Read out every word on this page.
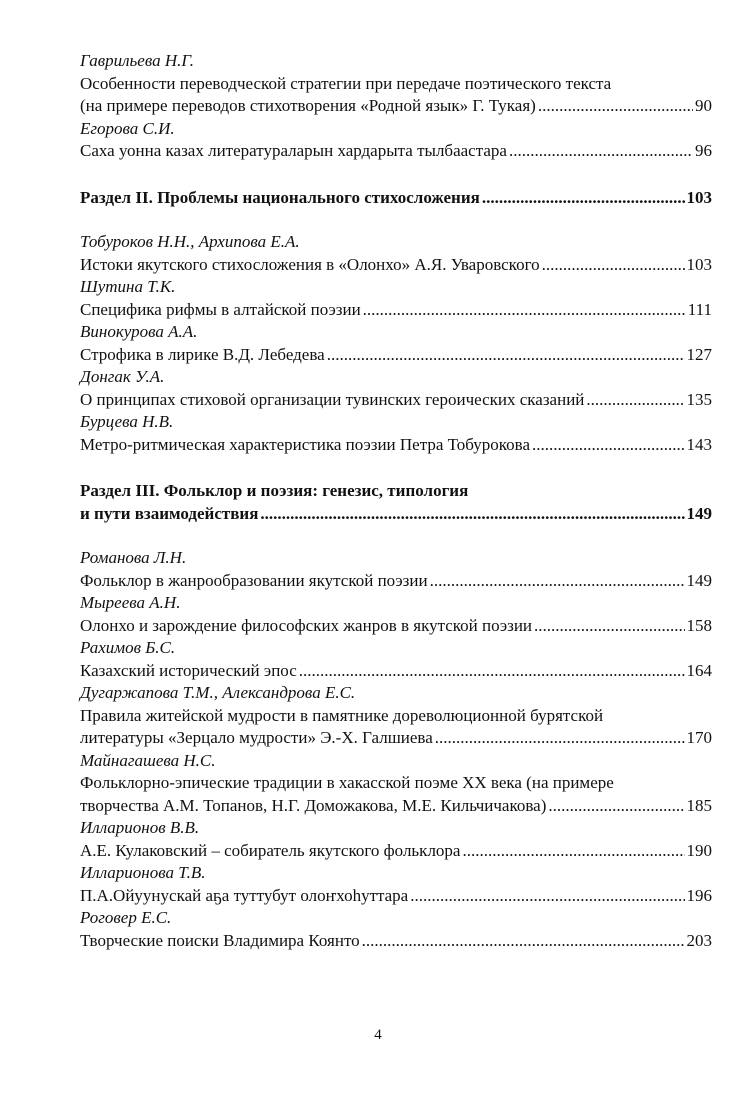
Гаврильева Н.Г.

Особенности переводческой стратегии при передаче поэтического текста

(на примере переводов стихотворения «Родной язык» Г. Тукая) .....	90

Егорова С.И.

Саха уонна казах литератураларын хардарыта тылбаастара .....	96
Раздел II. Проблемы национального стихосложения .....	103

Тобуроков Н.Н., Архипова Е.А.

Истоки якутского стихосложения в «Олонхо» А.Я. Уваровского .....	103

Шутина Т.К.

Специфика рифмы в алтайской поэзии .....	111

Винокурова А.А.

Строфика в лирике В.Д. Лебедева .....	127

Донгак У.А.

О принципах стиховой организации тувинских героических сказаний .....	135

Бурцева Н.В.

Метро-ритмическая характеристика поэзии Петра Тобурокова .....	143

Раздел III. Фольклор и поэзия: генезис, типология

и пути взаимодействия .....	149

Романова Л.Н.

Фольклор в жанрообразовании якутской поэзии .....	149

Мыреева А.Н.

Олонхо и зарождение философских жанров в якутской поэзии .....	158

Рахимов Б.С.

Казахский исторический эпос .....	164

Дугаржапова Т.М., Александрова Е.С.

Правила житейской мудрости в памятнике дореволюционной бурятской

литературы «Зерцало мудрости» Э.-Х. Галшиева .....	170

Майнагашева Н.С.

Фольклорно-эпические традиции в хакасской поэме XX века (на примере

творчества А.М. Топанов, Н.Г. Доможакова, М.Е. Кильчичакова) .....	185

Илларионов В.В.

А.Е. Кулаковский – собиратель якутского фольклора .....	190

Илларионова Т.В.

П.А.Ойуунускай аҕа туттубут олоҥхоһуттара .....	196

Роговер Е.С.

Творческие поиски Владимира Коянто .....	203
4
